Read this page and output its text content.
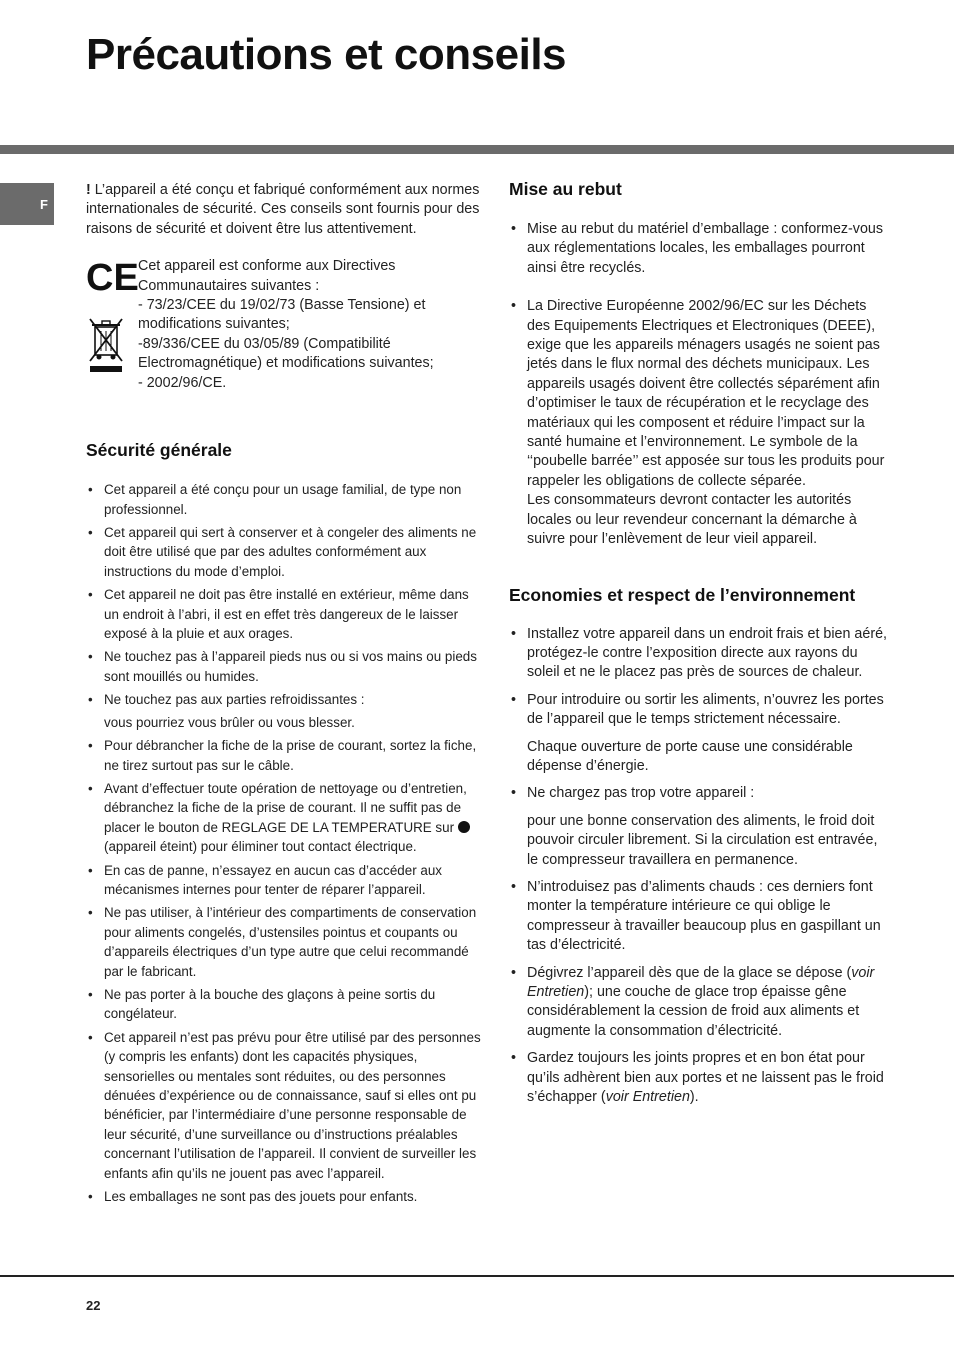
Précautions et conseils
F

! L’appareil a été conçu et fabriqué conformément aux normes internationales de sécurité. Ces conseils sont fournis pour des raisons de sécurité et doivent être lus attentivement.

CE Cet appareil est conforme aux Directives Communautaires suivantes :

- 73/23/CEE du 19/02/73 (Basse Tensione) et modifications suivantes;

-89/336/CEE du 03/05/89 (Compatibilité Electromagnétique) et modifications suivantes;

- 2002/96/CE.

Sécurité générale
• Cet appareil a été conçu pour un usage familial, de type non professionnel.
• Cet appareil qui sert à conserver et à congeler des aliments ne doit être utilisé que par des adultes conformément aux instructions du mode d’emploi.
• Cet appareil ne doit pas être installé en extérieur, même dans un endroit à l’abri, il est en effet très dangereux de le laisser exposé à la pluie et aux orages.
• Ne touchez pas à l’appareil pieds nus ou si vos mains ou pieds sont mouillés ou humides.
• Ne touchez pas aux parties refroidissantes :
vous pourriez vous brûler ou vous blesser.
• Pour débrancher la fiche de la prise de courant, sortez la fiche, ne tirez surtout pas sur le câble.
• Avant d’effectuer toute opération de nettoyage ou d’entretien, débranchez la fiche de la prise de courant. Il ne suffit pas de placer le bouton de REGLAGE DE LA TEMPERATURE sur  (appareil éteint) pour éliminer tout contact électrique.
• En cas de panne, n’essayez en aucun cas d’accéder aux mécanismes internes pour tenter de réparer l’appareil.
• Ne pas utiliser, à l’intérieur des compartiments de conservation pour aliments congelés, d’ustensiles pointus et coupants ou d’appareils électriques d’un type autre que celui recommandé par le fabricant.
• Ne pas porter à la bouche des glaçons à peine sortis du congélateur.
• Cet appareil n’est pas prévu pour être utilisé par des personnes (y compris les enfants) dont les capacités physiques, sensorielles ou mentales sont réduites, ou des personnes dénuées d’expérience ou de connaissance, sauf si elles ont pu bénéficier, par l’intermédiaire d’une personne responsable de leur sécurité, d’une surveillance ou d’instructions préalables concernant l’utilisation de l’appareil. Il convient de surveiller les enfants afin qu’ils ne jouent pas avec l’appareil.
• Les emballages ne sont pas des jouets pour enfants.
Mise au rebut
• Mise au rebut du matériel d’emballage : conformez-vous aux réglementations locales, les emballages pourront ainsi être recyclés.
• La Directive Européenne 2002/96/EC sur les Déchets des Equipements Electriques et Electroniques (DEEE), exige que les appareils ménagers usagés ne soient pas jetés dans le flux normal des déchets municipaux. Les appareils usagés doivent être collectés séparément afin d’optimiser le taux de récupération et le recyclage des matériaux qui les composent et réduire l’impact sur la santé humaine et l’environnement. Le symbole de la ‘‘poubelle barrée’’ est apposée sur tous les produits pour rappeler les obligations de collecte séparée.
Les consommateurs devront contacter les autorités locales ou leur revendeur concernant la démarche à suivre pour l’enlèvement de leur vieil appareil.
Economies et respect de l’environnement
• Installez votre appareil dans un endroit frais et bien aéré, protégez-le contre l’exposition directe aux rayons du soleil et ne le placez pas près de sources de chaleur.
• Pour introduire ou sortir les aliments, n’ouvrez les portes de l’appareil que le temps strictement nécessaire.
Chaque ouverture de porte cause une considérable dépense d’énergie.
• Ne chargez pas trop votre appareil :
pour une bonne conservation des aliments, le froid doit pouvoir circuler librement. Si la circulation est entravée, le compresseur travaillera en permanence.
• N’introduisez pas d’aliments chauds : ces derniers font monter la température intérieure ce qui oblige le compresseur à travailler beaucoup plus en gaspillant un tas d’électricité.
• Dégivrez l’appareil dès que de la glace se dépose (voir Entretien); une couche de glace trop épaisse gêne considérablement la cession de froid aux aliments et augmente la consommation d’électricité.
• Gardez toujours les joints propres et en bon état pour qu’ils adhèrent bien aux portes et ne laissent pas le froid s’échapper (voir Entretien).
22
